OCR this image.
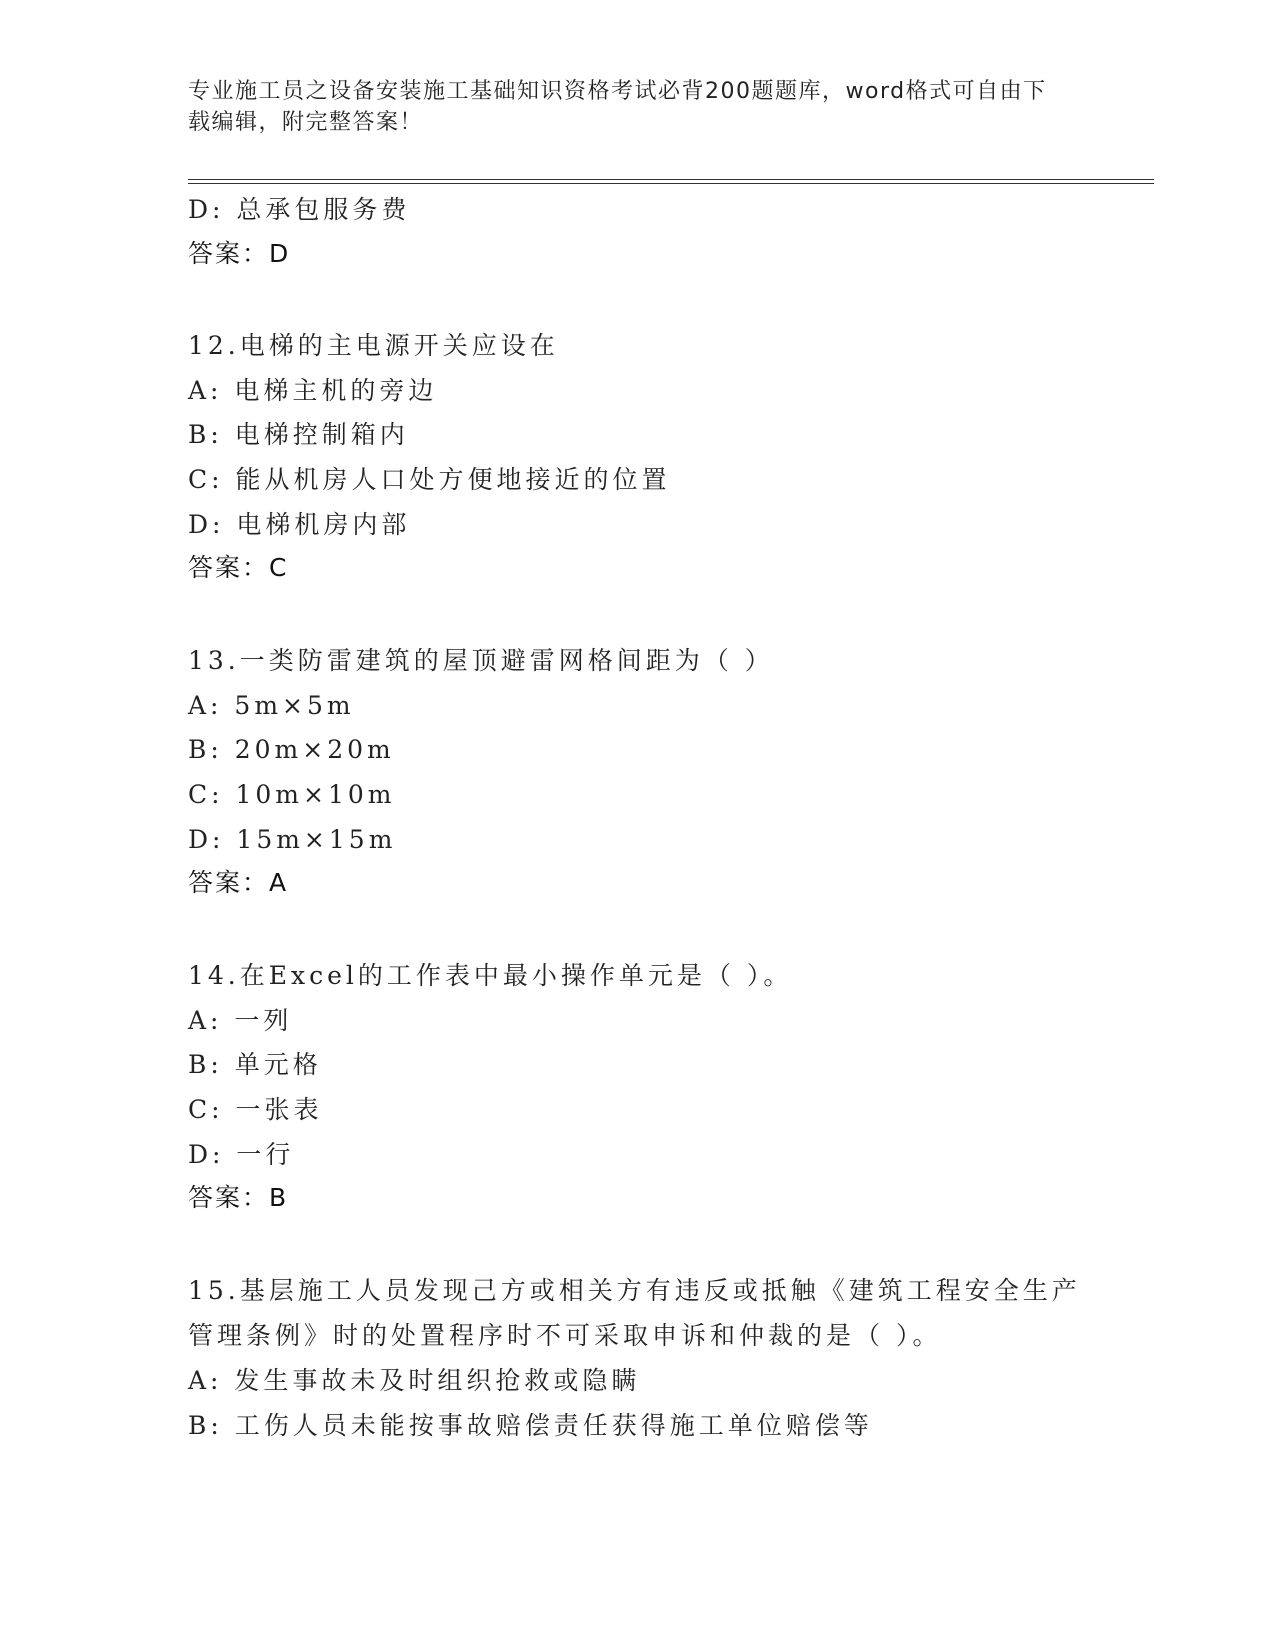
专业施工员之设备安装施工基础知识资格考试必背200题题库，word格式可自由下载编辑，附完整答案！
D: 总承包服务费
答案：D
12.电梯的主电源开关应设在
A: 电梯主机的旁边
B: 电梯控制箱内
C: 能从机房人口处方便地接近的位置
D: 电梯机房内部
答案：C
13.一类防雷建筑的屋顶避雷网格间距为（ ）
A: 5m×5m
B: 20m×20m
C: 10m×10m
D: 15m×15m
答案：A
14.在Excel的工作表中最小操作单元是（ ）。
A: 一列
B: 单元格
C: 一张表
D: 一行
答案：B
15.基层施工人员发现己方或相关方有违反或抵触《建筑工程安全生产
管理条例》时的处置程序时不可采取申诉和仲裁的是（ ）。
A: 发生事故未及时组织抢救或隐瞒
B: 工伤人员未能按事故赔偿责任获得施工单位赔偿等
